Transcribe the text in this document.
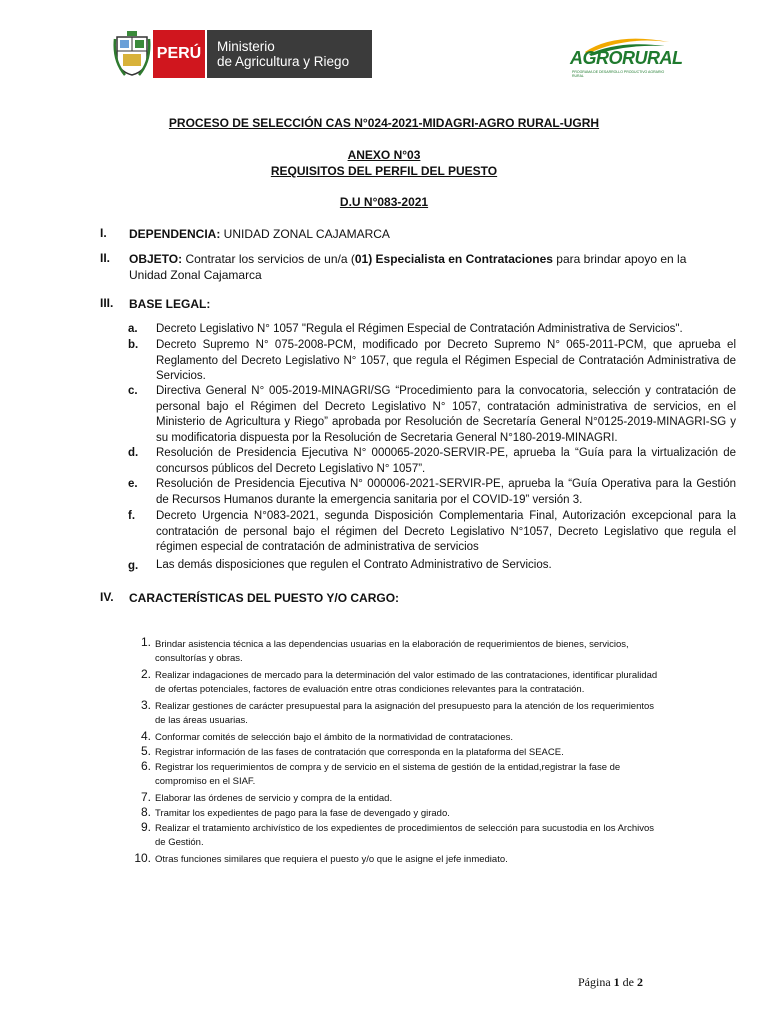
PERÚ Ministerio
de Agricultura y Riego	AGRORURAL
PROGRAMA DE DESARROLLO PRODUCTIVO AGRARIO RURAL
PROCESO DE SELECCIÓN CAS N°024-2021-MIDAGRI-AGRO RURAL-UGRH
ANEXO N°03
REQUISITOS DEL PERFIL DEL PUESTO
D.U N°083-2021
I. DEPENDENCIA: UNIDAD ZONAL CAJAMARCA
II. OBJETO: Contratar los servicios de un/a (01) Especialista en Contrataciones para brindar apoyo en la Unidad Zonal Cajamarca
III. BASE LEGAL:
a. Decreto Legislativo N° 1057 "Regula el Régimen Especial de Contratación Administrativa de Servicios".
b. Decreto Supremo N° 075-2008-PCM, modificado por Decreto Supremo N° 065-2011-PCM, que aprueba el Reglamento del Decreto Legislativo N° 1057, que regula el Régimen Especial de Contratación Administrativa de Servicios.
c. Directiva General N° 005-2019-MINAGRI/SG “Procedimiento para la convocatoria, selección y contratación de personal bajo el Régimen del Decreto Legislativo N° 1057, contratación administrativa de servicios, en el Ministerio de Agricultura y Riego” aprobada por Resolución de Secretaría General N°0125-2019-MINAGRI-SG y su modificatoria dispuesta por la Resolución de Secretaria General N°180-2019-MINAGRI.
d. Resolución de Presidencia Ejecutiva N° 000065-2020-SERVIR-PE, aprueba la “Guía para la virtualización de concursos públicos del Decreto Legislativo N° 1057”.
e. Resolución de Presidencia Ejecutiva N° 000006-2021-SERVIR-PE, aprueba la “Guía Operativa para la Gestión de Recursos Humanos durante la emergencia sanitaria por el COVID-19” versión 3.
f. Decreto Urgencia N°083-2021, segunda Disposición Complementaria Final, Autorización excepcional para la contratación de personal bajo el régimen del Decreto Legislativo N°1057, Decreto Legislativo que regula el régimen especial de contratación de administrativa de servicios
g. Las demás disposiciones que regulen el Contrato Administrativo de Servicios.
IV. CARACTERÍSTICAS DEL PUESTO Y/O CARGO:
1. Brindar asistencia técnica a las dependencias usuarias en la elaboración de requerimientos de bienes, servicios, consultorías y obras.
2. Realizar indagaciones de mercado para la determinación del valor estimado de las contrataciones, identificar pluralidad de ofertas potenciales, factores de evaluación entre otras condiciones relevantes para la contratación.
3. Realizar gestiones de carácter presupuestal para la asignación del presupuesto para la atención de los requerimientos de las áreas usuarias.
4. Conformar comités de selección bajo el ámbito de la normatividad de contrataciones.
5. Registrar información de las fases de contratación que corresponda en la plataforma del SEACE.
6. Registrar los requerimientos de compra y de servicio en el sistema de gestión de la entidad,registrar la fase de compromiso en el SIAF.
7. Elaborar las órdenes de servicio y compra de la entidad.
8. Tramitar los expedientes de pago para la fase de devengado y girado.
9. Realizar el tratamiento archivístico de los expedientes de procedimientos de selección para sucustodia en los Archivos de Gestión.
10. Otras funciones similares que requiera el puesto y/o que le asigne el jefe inmediato.
Página 1 de 2
